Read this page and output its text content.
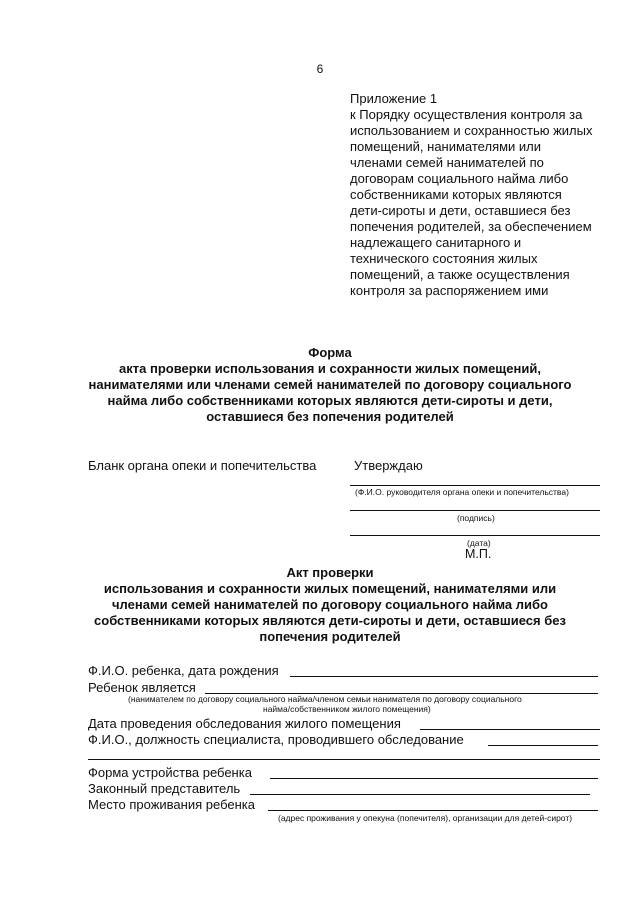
6
Приложение 1
к Порядку осуществления контроля за
использованием и сохранностью жилых
помещений, нанимателями или
членами семей нанимателей по
договорам социального найма либо
собственниками которых являются
дети-сироты и дети, оставшиеся без
попечения родителей, за обеспечением
надлежащего санитарного и
технического состояния жилых
помещений, а также осуществления
контроля за распоряжением ими
Форма
акта проверки использования и сохранности жилых помещений,
нанимателями или членами семей нанимателей по договору социального
найма либо собственниками которых являются дети-сироты и дети,
оставшиеся без попечения родителей
Бланк органа опеки и попечительства	Утверждаю
(Ф.И.О. руководителя органа опеки и попечительства)
(подпись)
(дата)
М.П.
Акт проверки
использования и сохранности жилых помещений, нанимателями или
членами семей нанимателей по договору социального найма либо
собственниками которых являются дети-сироты и дети, оставшиеся без
попечения родителей
Ф.И.О. ребенка, дата рождения
Ребенок является
(нанимателем по договору социального найма/членом семьи нанимателя по договору социального
найма/собственником жилого помещения)
Дата проведения обследования жилого помещения
Ф.И.О., должность специалиста, проводившего обследование
Форма устройства ребенка
Законный представитель
Место проживания ребенка
(адрес проживания у опекуна (попечителя), организации для детей-сирот)
